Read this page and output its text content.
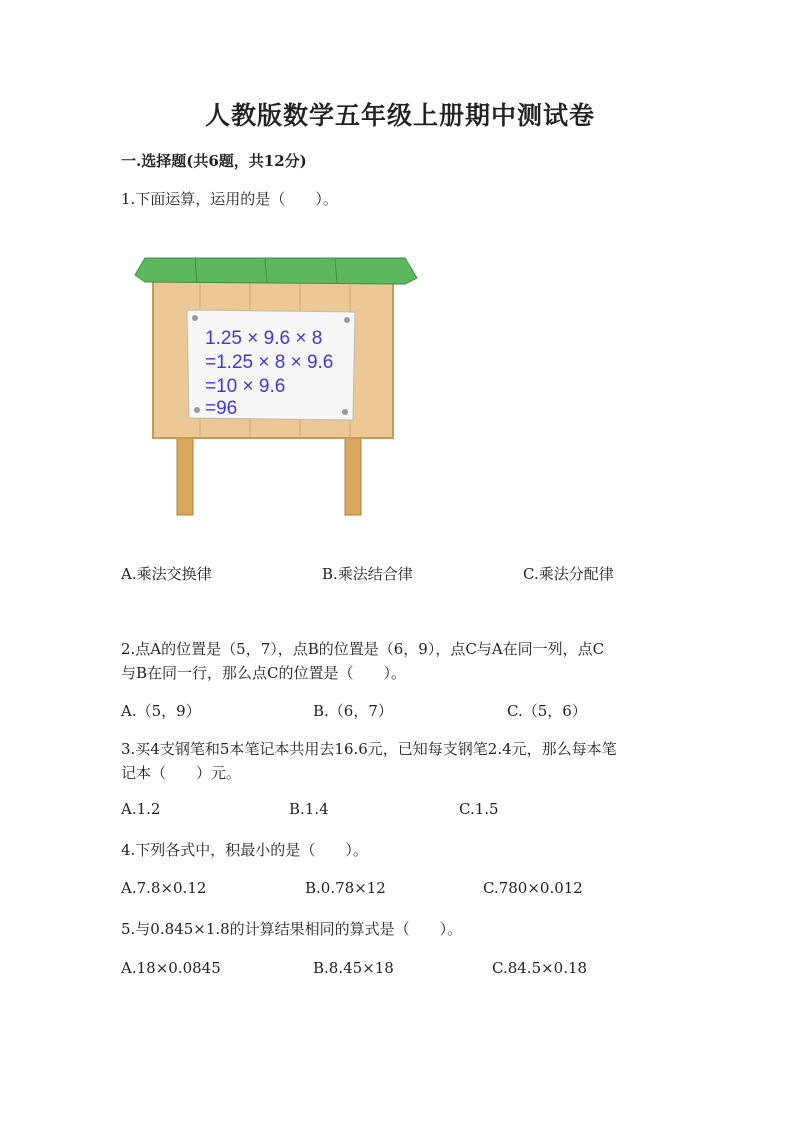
人教版数学五年级上册期中测试卷
一.选择题(共6题，共12分)
1.下面运算，运用的是（　　）。
1.25 × 9.6 × 8
=1.25 × 8 × 9.6
=10 × 9.6
=96
A.乘法交换律	B.乘法结合律	C.乘法分配律
2.点A的位置是（5，7），点B的位置是（6，9），点C与A在同一列，点C
与B在同一行，那么点C的位置是（　　）。
A.（5，9）	B.（6，7）	C.（5，6）
3.买4支钢笔和5本笔记本共用去16.6元，已知每支钢笔2.4元，那么每本笔
记本（　　）元。
A.1.2	B.1.4	C.1.5
4.下列各式中，积最小的是（　　）。
A.7.8×0.12	B.0.78×12	C.780×0.012
5.与0.845×1.8的计算结果相同的算式是（　　）。
A.18×0.0845	B.8.45×18	C.84.5×0.18
